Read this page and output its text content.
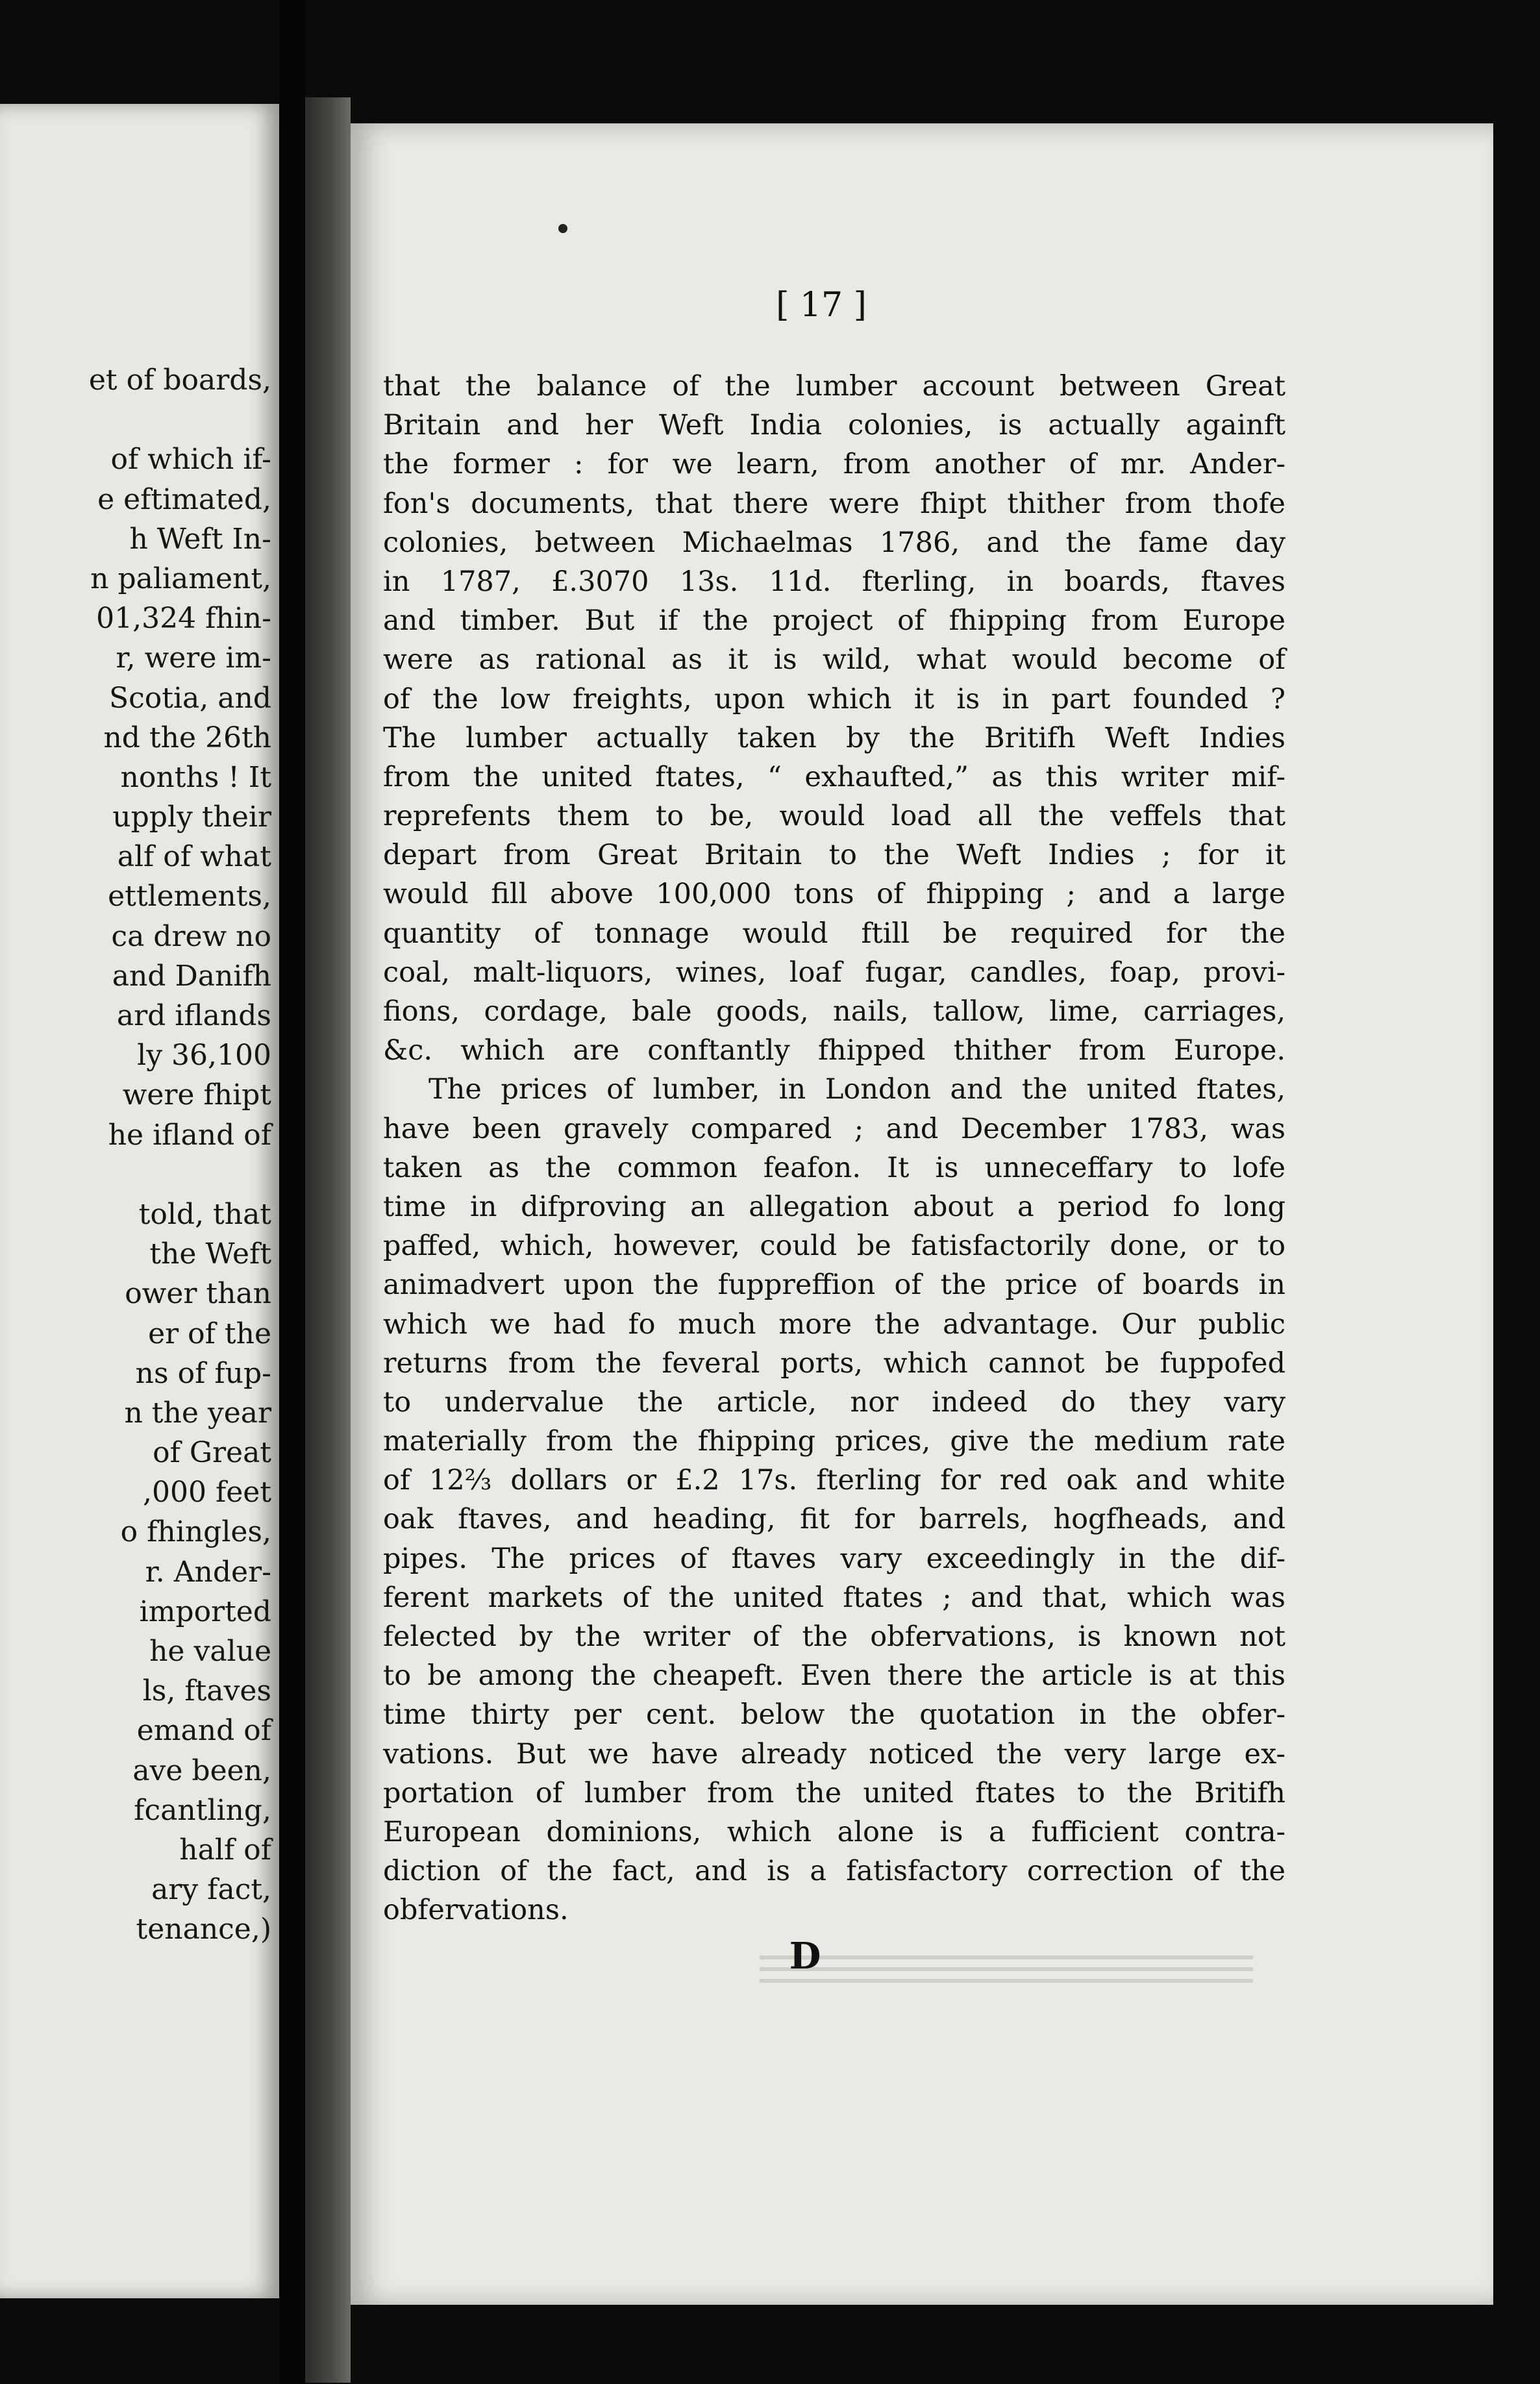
et of boards,
of which if-
e eftimated,
h Weft In-
n paliament,
01,324 fhin-
r, were im-
Scotia, and
nd the 26th
nonths ! It
upply their
alf of what
ettlements,
ca drew no
and Danifh
ard iflands
ly 36,100
were fhipt
he ifland of
told, that
the Weft
ower than
er of the
ns of fup-
n the year
of Great
,000 feet
o fhingles,
r. Ander-
imported
he value
ls, ftaves
emand of
ave been,
fcantling,
half of
ary fact,
tenance,)
[ 17 ]
that the balance of the lumber account between Great
Britain and her Weft India colonies, is actually againft
the former : for we learn, from another of mr. Ander-
fon's documents, that there were fhipt thither from thofe
colonies, between Michaelmas 1786, and the fame day
in 1787, £.3070 13s. 11d. fterling, in boards, ftaves
and timber. But if the project of fhipping from Europe
were as rational as it is wild, what would become of
of the low freights, upon which it is in part founded ?
The lumber actually taken by the Britifh Weft Indies
from the united ftates, “ exhaufted,” as this writer mif-
reprefents them to be, would load all the veffels that
depart from Great Britain to the Weft Indies ; for it
would fill above 100,000 tons of fhipping ; and a large
quantity of tonnage would ftill be required for the
coal, malt-liquors, wines, loaf fugar, candles, foap, provi-
fions, cordage, bale goods, nails, tallow, lime, carriages,
&c. which are conftantly fhipped thither from Europe.
The prices of lumber, in London and the united ftates,
have been gravely compared ; and December 1783, was
taken as the common feafon. It is unneceffary to lofe
time in difproving an allegation about a period fo long
paffed, which, however, could be fatisfactorily done, or to
animadvert upon the fuppreffion of the price of boards in
which we had fo much more the advantage. Our public
returns from the feveral ports, which cannot be fuppofed
to undervalue the article, nor indeed do they vary
materially from the fhipping prices, give the medium rate
of 12⅔ dollars or £.2 17s. fterling for red oak and white
oak ftaves, and heading, fit for barrels, hogfheads, and
pipes. The prices of ftaves vary exceedingly in the dif-
ferent markets of the united ftates ; and that, which was
felected by the writer of the obfervations, is known not
to be among the cheapeft. Even there the article is at this
time thirty per cent. below the quotation in the obfer-
vations. But we have already noticed the very large ex-
portation of lumber from the united ftates to the Britifh
European dominions, which alone is a fufficient contra-
diction of the fact, and is a fatisfactory correction of the
obfervations.
D
